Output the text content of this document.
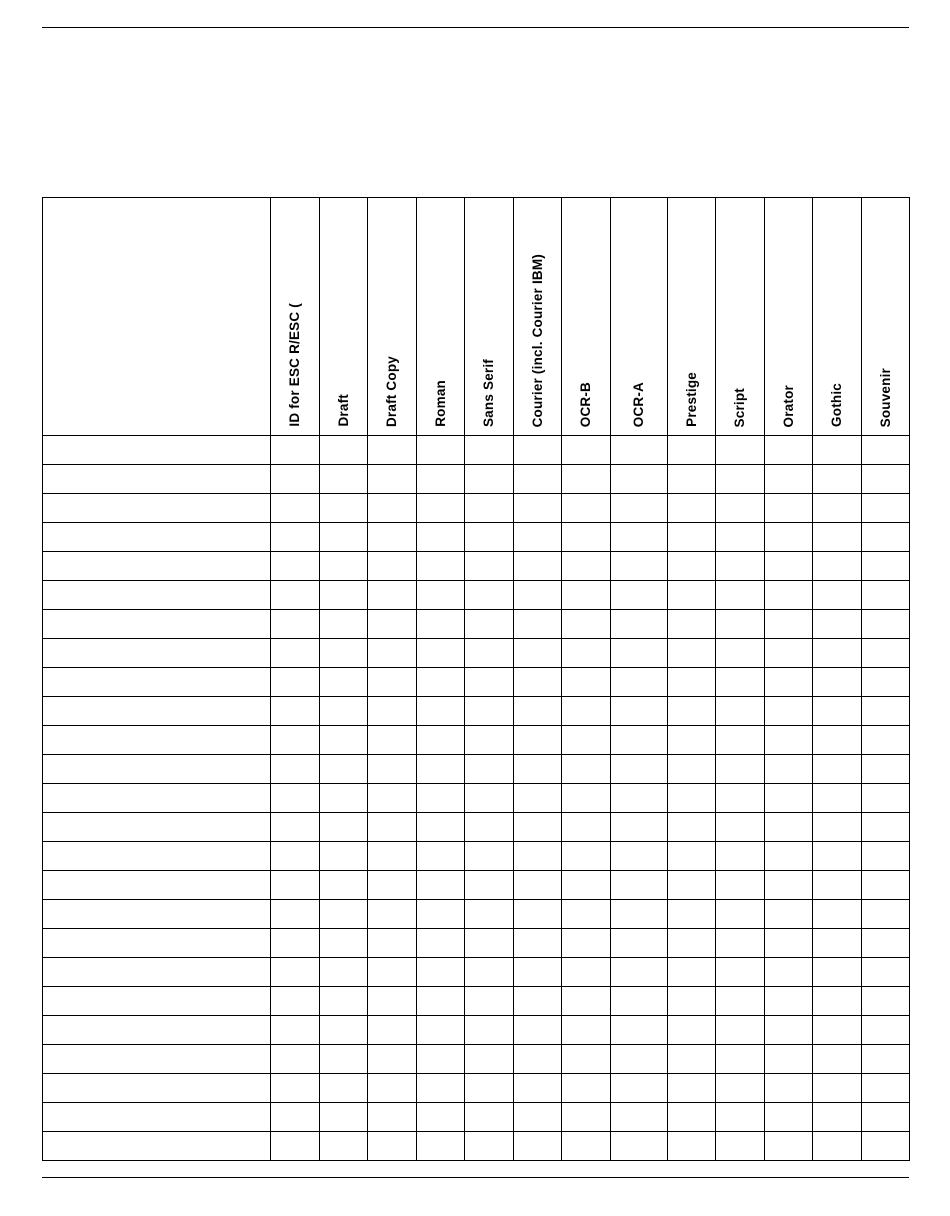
	ID for ESC R/ESC (	Draft	Draft Copy	Roman	Sans Serif	Courier (incl. Courier IBM)	OCR-B	OCR-A	Prestige	Script	Orator	Gothic	Souvenir
